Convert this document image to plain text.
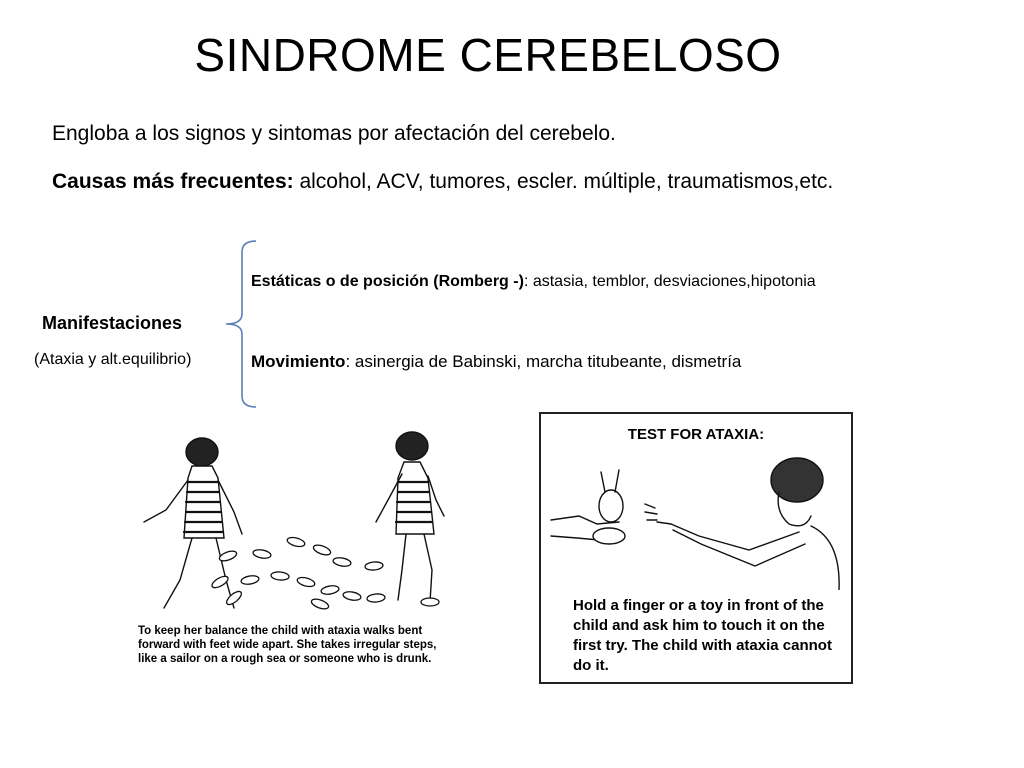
SINDROME CEREBELOSO
Engloba a los signos y sintomas por afectación del cerebelo.
Causas más frecuentes: alcohol, ACV, tumores, escler. múltiple, traumatismos,etc.
Manifestaciones
(Ataxia y alt.equilibrio)
Estáticas o de posición (Romberg -): astasia, temblor, desviaciones,hipotonia
Movimiento: asinergia de Babinski, marcha titubeante, dismetría
To keep her balance the child with ataxia walks bent forward with feet wide apart. She takes irregular steps, like a sailor on a rough sea or someone who is drunk.
TEST FOR ATAXIA:
Hold a finger or a toy in front of the child and ask him to touch it on the first try. The child with ataxia cannot do it.
